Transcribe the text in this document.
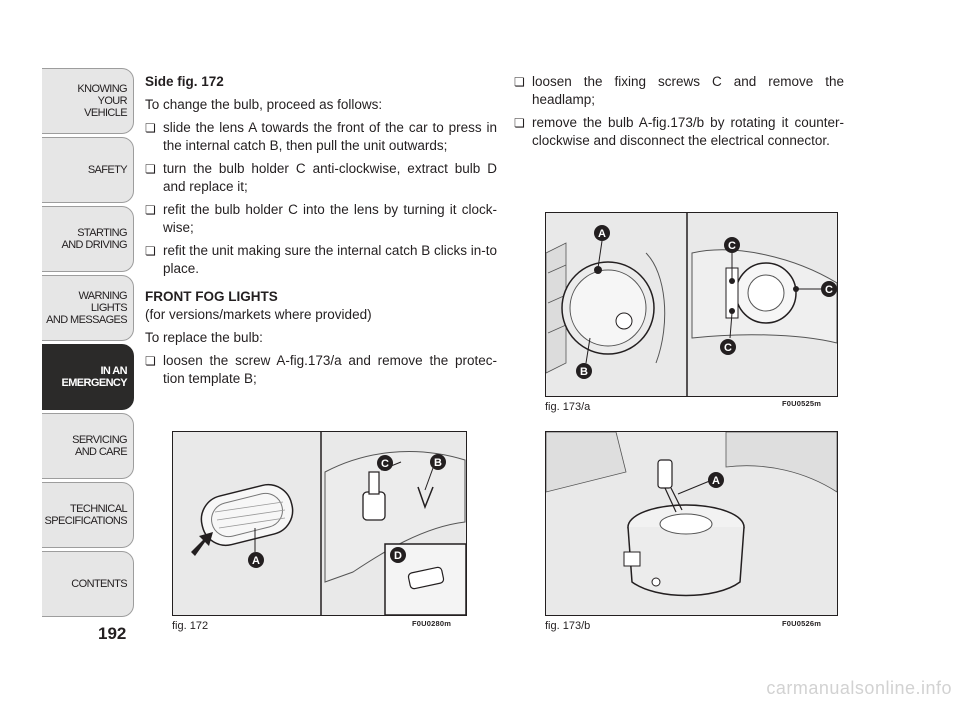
KNOWING
YOUR
VEHICLE
SAFETY
STARTING
AND DRIVING
WARNING LIGHTS
AND MESSAGES
IN AN
EMERGENCY
SERVICING
AND CARE
TECHNICAL
SPECIFICATIONS
CONTENTS
192

Side fig. 172

To change the bulb, proceed as follows:

❏ slide the lens A towards the front of the car to press in the internal catch B, then pull the unit outwards;

❏ turn the bulb holder C anti-clockwise, extract bulb D and replace it;

❏ refit the bulb holder C into the lens by turning it clock-wise;

❏ refit the unit making sure the internal catch B clicks in-to place.

FRONT FOG LIGHTS

(for versions/markets where provided)

To replace the bulb:

❏ loosen the screw A-fig.173/a and remove the protec-tion template B;

❏ loosen the fixing screws C and remove the headlamp;

❏ remove the bulb A-fig.173/b by rotating it counter-clockwise and disconnect the electrical connector.

A
B
C
D
fig. 172	F0U0280m
A
B
C
C
C
fig. 173/a	F0U0525m
A
fig. 173/b	F0U0526m
carmanualsonline.info
